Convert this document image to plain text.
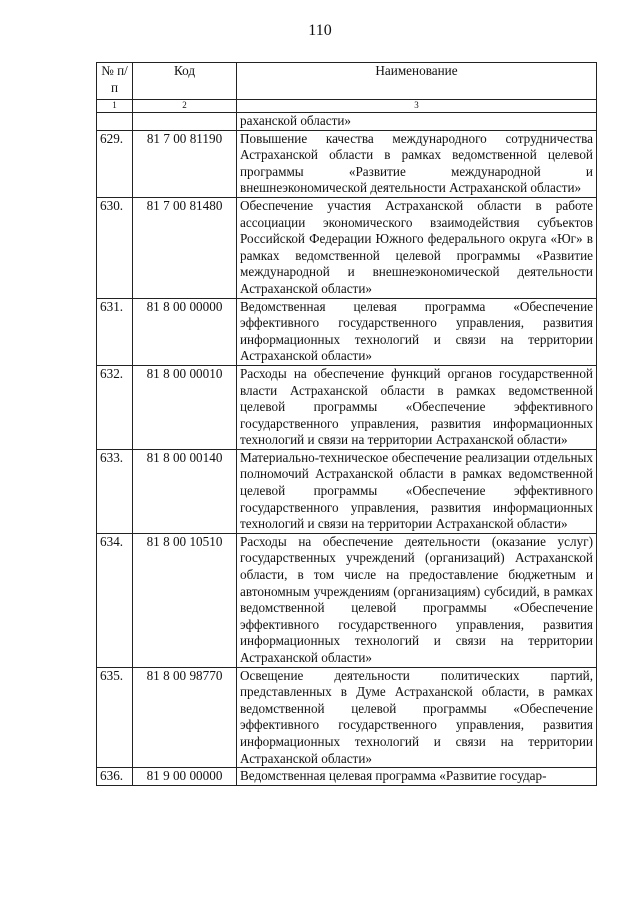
110
№ п/п	Код	Наименование
1	2	3
		раханской области»
629.	81 7 00 81190	Повышение качества международного сотрудничества Астраханской области в рамках ведомственной целевой программы «Развитие международной и внешнеэкономической деятельности Астраханской области»
630.	81 7 00 81480	Обеспечение участия Астраханской области в работе ассоциации экономического взаимодействия субъектов Российской Федерации Южного федерального округа «Юг» в рамках ведомственной целевой программы «Развитие международной и внешнеэкономической деятельности Астраханской области»
631.	81 8 00 00000	Ведомственная целевая программа «Обеспечение эффективного государственного управления, развития информационных технологий и связи на территории Астраханской области»
632.	81 8 00 00010	Расходы на обеспечение функций органов государственной власти Астраханской области в рамках ведомственной целевой программы «Обеспечение эффективного государственного управления, развития информационных технологий и связи на территории Астраханской области»
633.	81 8 00 00140	Материально-техническое обеспечение реализации отдельных полномочий Астраханской области в рамках ведомственной целевой программы «Обеспечение эффективного государственного управления, развития информационных технологий и связи на территории Астраханской области»
634.	81 8 00 10510	Расходы на обеспечение деятельности (оказание услуг) государственных учреждений (организаций) Астраханской области, в том числе на предоставление бюджетным и автономным учреждениям (организациям) субсидий, в рамках ведомственной целевой программы «Обеспечение эффективного государственного управления, развития информационных технологий и связи на территории Астраханской области»
635.	81 8 00 98770	Освещение деятельности политических партий, представленных в Думе Астраханской области, в рамках ведомственной целевой программы «Обеспечение эффективного государственного управления, развития информационных технологий и связи на территории Астраханской области»
636.	81 9 00 00000	Ведомственная целевая программа «Развитие государ-
